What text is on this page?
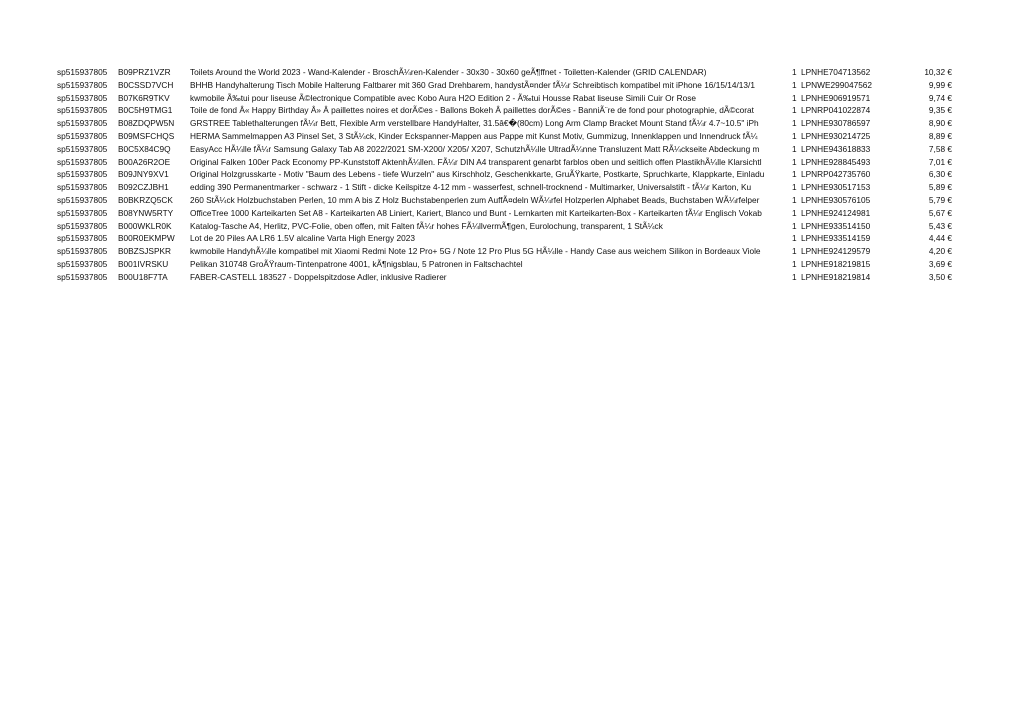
sp515937805	B09PRZ1VZR	Toilets Around the World 2023 - Wand-Kalender - BroschÃ¼ren-Kalender - 30x30 - 30x60 geÃ¶ffnet - Toiletten-Kalender (GRID CALENDAR)	1 LPNHE704713562	10,32 €
sp515937805	B0CSSD7VCH	BHHB Handyhalterung Tisch Mobile Halterung Faltbarer mit 360 Grad Drehbarem, handystÃ¤nder fÃ¼r Schreibtisch kompatibel mit iPhone 16/15/14/13/1	1 LPNWE299047562	9,99 €
sp515937805	B07K6R9TKV	kwmobile Ã‰tui pour liseuse Ã©lectronique Compatible avec Kobo Aura H2O Edition 2 - Ã‰tui Housse Rabat liseuse Simili Cuir Or Rose	1 LPNHE906919571	9,74 €
sp515937805	B0C5H9TMG1	Toile de fond Â« Happy Birthday Â» Â paillettes noires et dorÃ©es - Ballons Bokeh Â paillettes dorÃ©es - BanniÃ¨re de fond pour photographie, dÃ©corat	1 LPNRP041022874	9,35 €
sp515937805	B08ZDQPW5N	GRSTREE Tablethalterungen fÃ¼r Bett, Flexible Arm verstellbare HandyHalter, 31.5â€�(80cm) Long Arm Clamp Bracket Mount Stand fÃ¼r 4.7~10.5" iPh	1 LPNHE930786597	8,90 €
sp515937805	B09MSFCHQS	HERMA Sammelmappen A3 Pinsel Set, 3 StÃ¼ck, Kinder Eckspanner-Mappen aus Pappe mit Kunst Motiv, Gummizug, Innenklappen und Innendruck fÃ¼	1 LPNHE930214725	8,89 €
sp515937805	B0C5X84C9Q	EasyAcc HÃ¼lle fÃ¼r Samsung Galaxy Tab A8 2022/2021 SM-X200/ X205/ X207, SchutzhÃ¼lle UltradÃ¼nne Transluzent Matt RÃ¼ckseite Abdeckung m	1 LPNHE943618833	7,58 €
sp515937805	B00A26R2OE	Original Falken 100er Pack Economy PP-Kunststoff AktenhÃ¼llen. FÃ¼r DIN A4 transparent genarbt farblos oben und seitlich offen PlastikhÃ¼lle Klarsichtl	1 LPNHE928845493	7,01 €
sp515937805	B09JNY9XV1	Original Holzgrusskarte - Motiv "Baum des Lebens - tiefe Wurzeln" aus Kirschholz, Geschenkkarte, GruÃŸkarte, Postkarte, Spruchkarte, Klappkarte, Einladu	1 LPNRP042735760	6,30 €
sp515937805	B092CZJBH1	edding 390 Permanentmarker - schwarz - 1 Stift - dicke Keilspitze 4-12 mm - wasserfest, schnell-trocknend - Multimarker, Universalstift - fÃ¼r Karton, Ku	1 LPNHE930517153	5,89 €
sp515937805	B0BKRZQ5CK	260 StÃ¼ck Holzbuchstaben Perlen, 10 mm A bis Z Holz Buchstabenperlen zum AuffÃ¤deln WÃ¼rfel Holzperlen Alphabet Beads, Buchstaben WÃ¼rfelper	1 LPNHE930576105	5,79 €
sp515937805	B08YNW5RTY	OfficeTree 1000 Karteikarten Set A8 - Karteikarten A8 Liniert, Kariert, Blanco und Bunt - Lernkarten mit Karteikarten-Box - Karteikarten fÃ¼r Englisch Vokab	1 LPNHE924124981	5,67 €
sp515937805	B000WKLR0K	Katalog-Tasche A4, Herlitz, PVC-Folie, oben offen, mit Falten fÃ¼r hohes FÃ¼llvermÃ¶gen, Eurolochung, transparent, 1 StÃ¼ck	1 LPNHE933514150	5,43 €
sp515937805	B00R0EKMPW	Lot de 20 Piles AA LR6 1.5V alcaline Varta High Energy 2023	1 LPNHE933514159	4,44 €
sp515937805	B0BZSJSPKR	kwmobile HandyhÃ¼lle kompatibel mit Xiaomi Redmi Note 12 Pro+ 5G / Note 12 Pro Plus 5G HÃ¼lle - Handy Case aus weichem Silikon in Bordeaux Viole	1 LPNHE924129579	4,20 €
sp515937805	B001IVRSKU	Pelikan 310748 GroÃŸraum-Tintenpatrone 4001, kÃ¶nigsblau, 5 Patronen in Faltschachtel	1 LPNHE918219815	3,69 €
sp515937805	B00U18F7TA	FABER-CASTELL 183527 - Doppelspitzdose Adler, inklusive Radierer	1 LPNHE918219814	3,50 €
